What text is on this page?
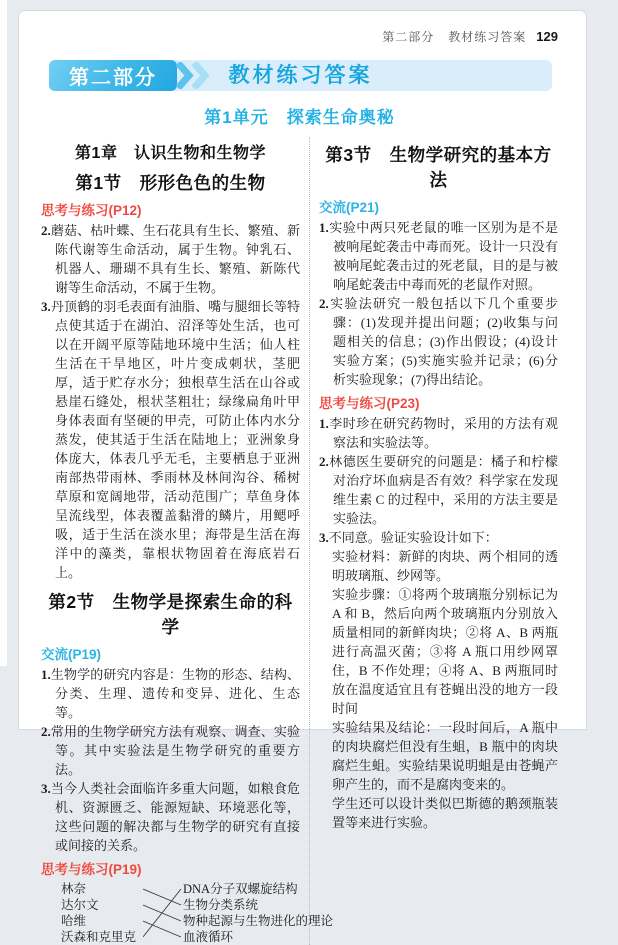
第二部分 教材练习答案 129
第二部分	教材练习答案
第1单元　探索生命奥秘
第1章　认识生物和生物学
第1节　形形色色的生物
思考与练习(P12)

2.蘑菇、枯叶蝶、生石花具有生长、繁殖、新陈代谢等生命活动，属于生物。钟乳石、机器人、珊瑚不具有生长、繁殖、新陈代谢等生命活动，不属于生物。

3.丹顶鹤的羽毛表面有油脂、嘴与腿细长等特点使其适于在湖泊、沼泽等处生活，也可以在开阔平原等陆地环境中生活；仙人柱生活在干旱地区，叶片变成刺状，茎肥厚，适于贮存水分；独根草生活在山谷或悬崖石缝处，根状茎粗壮；绿缘扁角叶甲身体表面有坚硬的甲壳，可防止体内水分蒸发，使其适于生活在陆地上；亚洲象身体庞大，体表几乎无毛，主要栖息于亚洲南部热带雨林、季雨林及林间沟谷、稀树草原和宽阔地带，活动范围广；草鱼身体呈流线型，体表覆盖黏滑的鳞片，用鳃呼吸，适于生活在淡水里；海带是生活在海洋中的藻类，靠根状物固着在海底岩石上。

第2节　生物学是探索生命的科学
交流(P19)

1.生物学的研究内容是：生物的形态、结构、分类、生理、遗传和变异、进化、生态等。

2.常用的生物学研究方法有观察、调查、实验等。其中实验法是生物学研究的重要方法。

3.当今人类社会面临许多重大问题，如粮食危机、资源匮乏、能源短缺、环境恶化等，这些问题的解决都与生物学的研究有直接或间接的关系。

思考与练习(P19)
林奈
达尔文
哈维
沃森和克里克
DNA分子双螺旋结构
生物分类系统
物种起源与生物进化的理论
血液循环
第3节　生物学研究的基本方法
交流(P21)

1.实验中两只死老鼠的唯一区别为是不是被响尾蛇袭击中毒而死。设计一只没有被响尾蛇袭击过的死老鼠，目的是与被响尾蛇袭击中毒而死的老鼠作对照。

2.实验法研究一般包括以下几个重要步骤：(1)发现并提出问题；(2)收集与问题相关的信息；(3)作出假设；(4)设计实验方案；(5)实施实验并记录；(6)分析实验现象；(7)得出结论。

思考与练习(P23)

1.李时珍在研究药物时，采用的方法有观察法和实验法等。

2.林德医生要研究的问题是：橘子和柠檬对治疗坏血病是否有效？科学家在发现维生素 C 的过程中，采用的方法主要是实验法。

3.不同意。验证实验设计如下：

实验材料：新鲜的肉块、两个相同的透明玻璃瓶、纱网等。

实验步骤：①将两个玻璃瓶分别标记为 A 和 B，然后向两个玻璃瓶内分别放入质量相同的新鲜肉块；②将 A、B 两瓶进行高温灭菌；③将 A 瓶口用纱网罩住，B 不作处理；④将 A、B 两瓶同时放在温度适宜且有苍蝇出没的地方一段时间

实验结果及结论：一段时间后，A 瓶中的肉块腐烂但没有生蛆，B 瓶中的肉块腐烂生蛆。实验结果说明蛆是由苍蝇产卵产生的，而不是腐肉变来的。

学生还可以设计类似巴斯德的鹅颈瓶装置等来进行实验。
